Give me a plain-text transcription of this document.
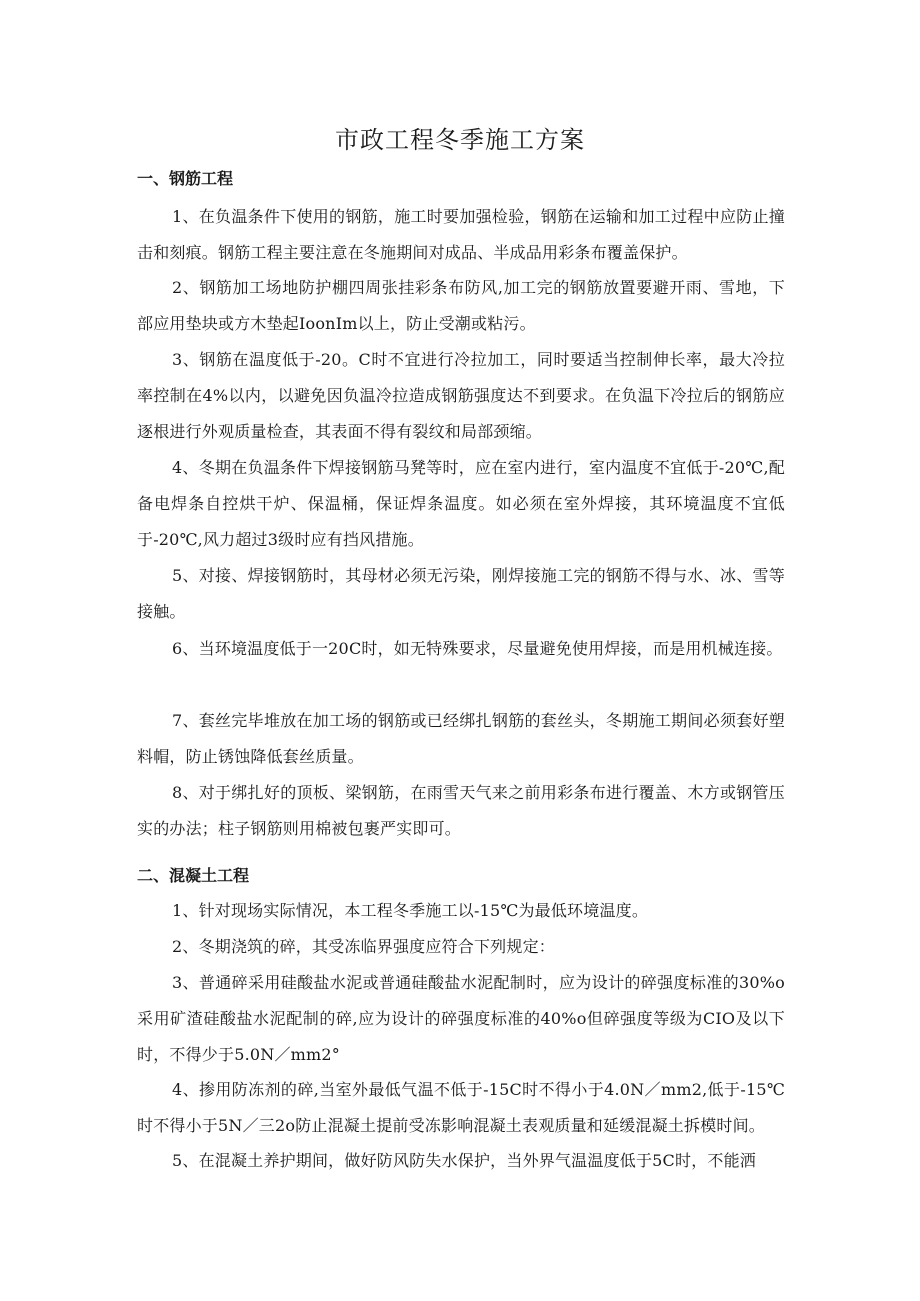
市政工程冬季施工方案
一、钢筋工程
1、在负温条件下使用的钢筋，施工时要加强检验，钢筋在运输和加工过程中应防止撞击和刻痕。钢筋工程主要注意在冬施期间对成品、半成品用彩条布覆盖保护。
2、钢筋加工场地防护棚四周张挂彩条布防风,加工完的钢筋放置要避开雨、雪地，下部应用垫块或方木垫起IoonIm以上，防止受潮或粘污。
3、钢筋在温度低于-20。C时不宜进行冷拉加工，同时要适当控制伸长率，最大冷拉率控制在4%以内，以避免因负温冷拉造成钢筋强度达不到要求。在负温下冷拉后的钢筋应逐根进行外观质量检查，其表面不得有裂纹和局部颈缩。
4、冬期在负温条件下焊接钢筋马凳等时，应在室内进行，室内温度不宜低于-20℃,配备电焊条自控烘干炉、保温桶，保证焊条温度。如必须在室外焊接，其环境温度不宜低于-20℃,风力超过3级时应有挡风措施。
5、对接、焊接钢筋时，其母材必须无污染，刚焊接施工完的钢筋不得与水、冰、雪等接触。
6、当环境温度低于一20C时，如无特殊要求，尽量避免使用焊接，而是用机械连接。
7、套丝完毕堆放在加工场的钢筋或已经绑扎钢筋的套丝头，冬期施工期间必须套好塑料帽，防止锈蚀降低套丝质量。
8、对于绑扎好的顶板、梁钢筋，在雨雪天气来之前用彩条布进行覆盖、木方或钢管压实的办法；柱子钢筋则用棉被包裹严实即可。
二、混凝土工程
1、针对现场实际情况，本工程冬季施工以-15℃为最低环境温度。
2、冬期浇筑的碎，其受冻临界强度应符合下列规定：
3、普通碎采用硅酸盐水泥或普通硅酸盐水泥配制时，应为设计的碎强度标准的30%o采用矿渣硅酸盐水泥配制的碎,应为设计的碎强度标准的40%o但碎强度等级为CIO及以下时，不得少于5.0N／mm2°
4、掺用防冻剂的碎,当室外最低气温不低于-15C时不得小于4.0N／mm2,低于-15℃时不得小于5N／三2o防止混凝土提前受冻影响混凝土表观质量和延缓混凝土拆模时间。
5、在混凝土养护期间，做好防风防失水保护，当外界气温温度低于5C时，不能洒
